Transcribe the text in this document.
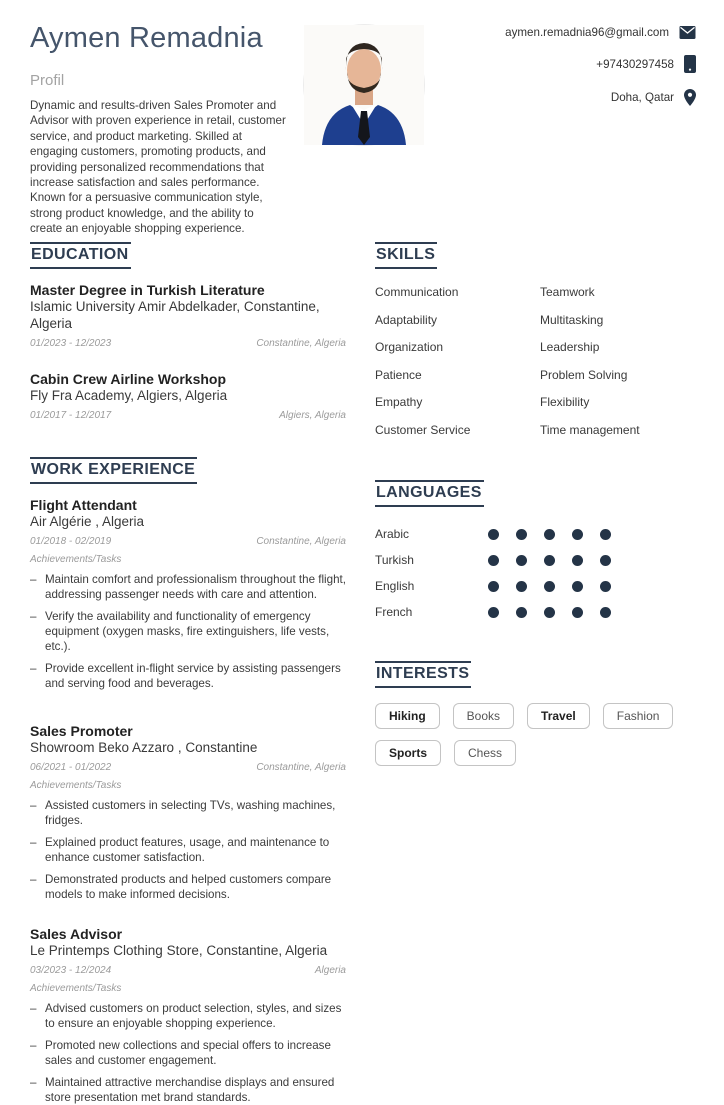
Aymen Remadnia
Profil
Dynamic and results-driven Sales Promoter and Advisor with proven experience in retail, customer service, and product marketing. Skilled at engaging customers, promoting products, and providing personalized recommendations that increase satisfaction and sales performance. Known for a persuasive communication style, strong product knowledge, and the ability to create an enjoyable shopping experience.
aymen.remadnia96@gmail.com
+97430297458
Doha, Qatar
EDUCATION
Master Degree in Turkish Literature
Islamic University Amir Abdelkader, Constantine, Algeria
01/2023 - 12/2023	Constantine, Algeria
Cabin Crew Airline Workshop
Fly Fra Academy, Algiers, Algeria
01/2017 - 12/2017	Algiers, Algeria
WORK EXPERIENCE
Flight Attendant
Air Algérie , Algeria
01/2018 - 02/2019	Constantine, Algeria
Achievements/Tasks
– Maintain comfort and professionalism throughout the flight, addressing passenger needs with care and attention.
– Verify the availability and functionality of emergency equipment (oxygen masks, fire extinguishers, life vests, etc.).
– Provide excellent in-flight service by assisting passengers and serving food and beverages.
Sales Promoter
Showroom Beko Azzaro , Constantine
06/2021 - 01/2022	Constantine, Algeria
Achievements/Tasks
– Assisted customers in selecting TVs, washing machines, fridges.
– Explained product features, usage, and maintenance to enhance customer satisfaction.
– Demonstrated products and helped customers compare models to make informed decisions.
Sales Advisor
Le Printemps Clothing Store, Constantine, Algeria
03/2023 - 12/2024	Algeria
Achievements/Tasks
– Advised customers on product selection, styles, and sizes to ensure an enjoyable shopping experience.
– Promoted new collections and special offers to increase sales and customer engagement.
– Maintained attractive merchandise displays and ensured store presentation met brand standards.
SKILLS
Communication	Teamwork
Adaptability	Multitasking
Organization	Leadership
Patience	Problem Solving
Empathy	Flexibility
Customer Service	Time management
LANGUAGES
Arabic
Turkish
English
French
INTERESTS
Hiking	Books	Travel	Fashion
Sports	Chess
